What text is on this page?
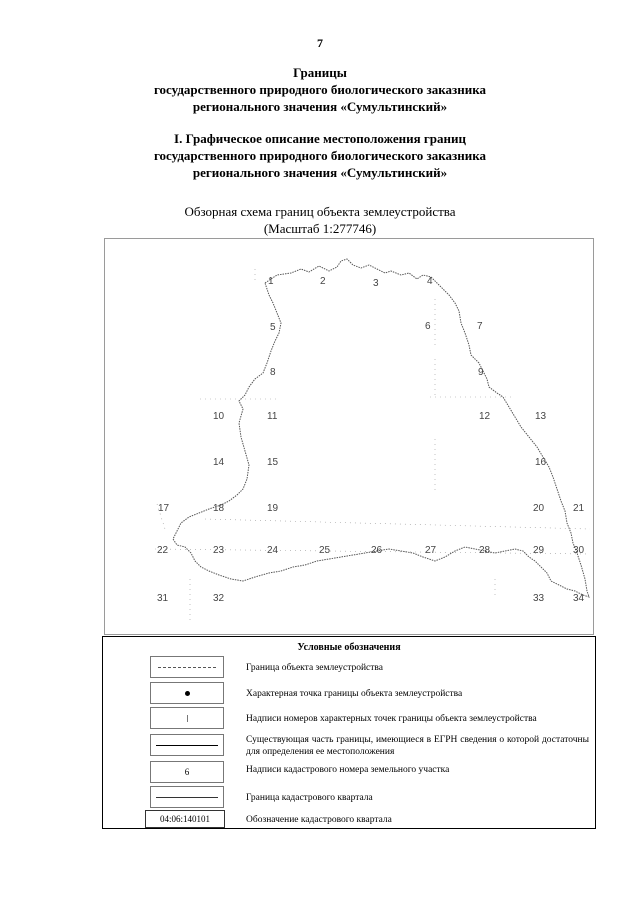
7
Границы
государственного природного биологического заказника
регионального значения «Сумультинский»
I. Графическое описание местоположения границ
государственного природного биологического заказника
регионального значения «Сумультинский»
Обзорная схема границ объекта землеустройства
(Масштаб 1:277746)
1	2	3	4
5	6	7
8	9
10	11	12	13
14	15	16
17	18	19	20	21
22	23	24	25	26	27	28	29	30
31	32	33	34
Условные обозначения
Граница объекта землеустройства
Характерная точка границы объекта землеустройства
Надписи номеров характерных точек границы объекта землеустройства
Существующая часть границы, имеющиеся в ЕГРН сведения о которой достаточны для определения ее местоположения
6	Надписи кадастрового номера земельного участка
Граница кадастрового квартала
04:06:140101	Обозначение кадастрового квартала
